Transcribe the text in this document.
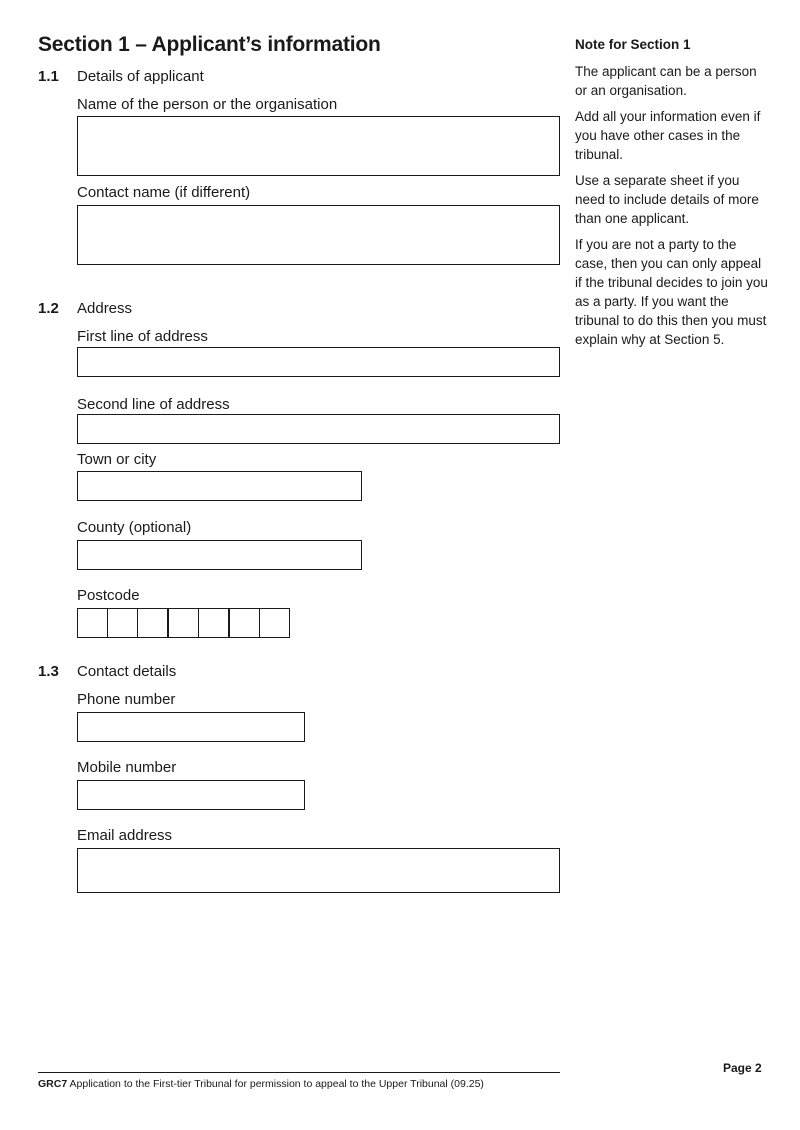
Section 1 – Applicant’s information
1.1 Details of applicant
Name of the person or the organisation
Contact name (if different)
1.2 Address
First line of address
Second line of address
Town or city
County (optional)
Postcode
1.3 Contact details
Phone number
Mobile number
Email address
Note for Section 1

The applicant can be a person or an organisation.

Add all your information even if you have other cases in the tribunal.

Use a separate sheet if you need to include details of more than one applicant.

If you are not a party to the case, then you can only appeal if the tribunal decides to join you as a party. If you want the tribunal to do this then you must explain why at Section 5.

Page 2
GRC7 Application to the First-tier Tribunal for permission to appeal to the Upper Tribunal (09.25)
